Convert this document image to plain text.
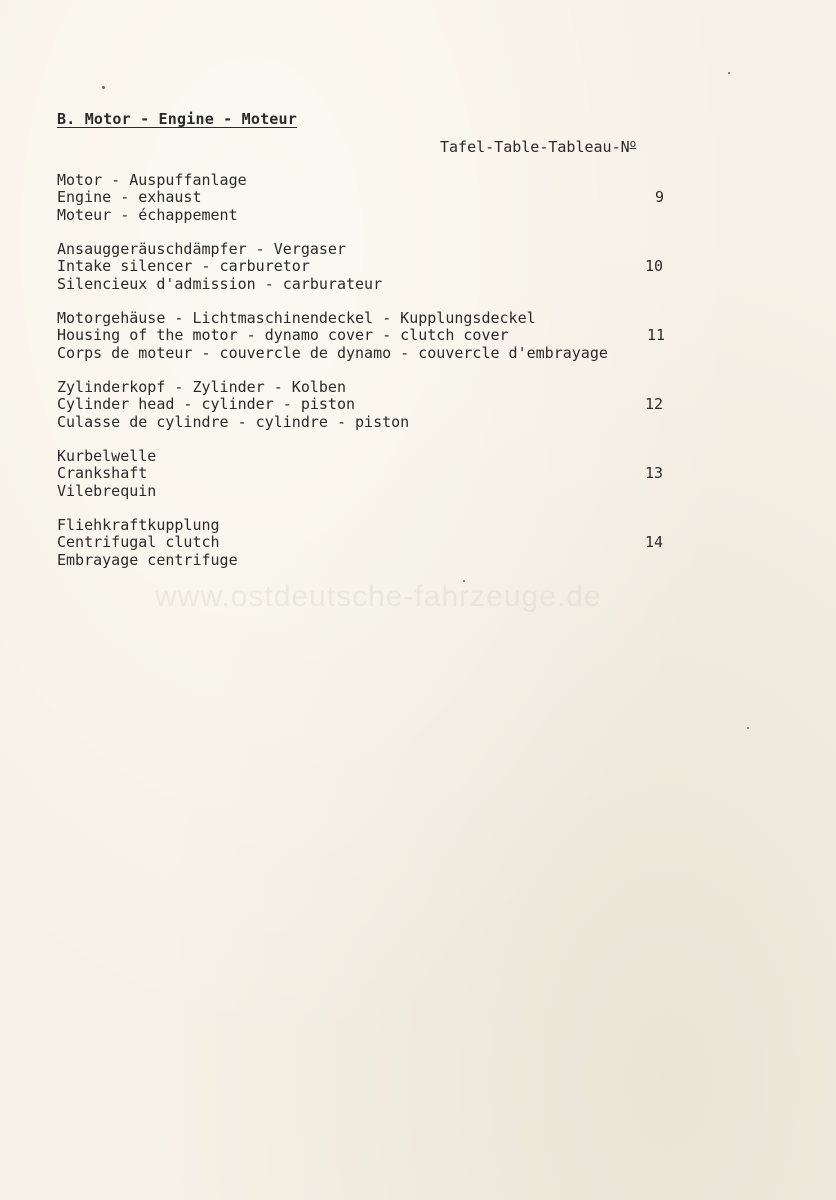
B. Motor - Engine - Moteur
Tafel-$Table-Tableau-N^o$
Motor - Auspuffanlage
Engine - exhaust
Moteur - échappement
9
Ansauggeräuschdämpfer - Vergaser
Intake silencer - carburetor
Silencieux d'admission - carburateur
10
Motorgehäuse - Lichtmaschinendeckel - Kupplungsdeckel
Housing of the motor - dynamo cover - clutch cover
Corps de moteur - couvercle de dynamo - couvercle d'embrayage
11
Zylinderkopf - Zylinder - Kolben
Cylinder head - cylinder - piston
Culasse de cylindre - cylindre - piston
12
Kurbelwelle
Crankshaft
Vilebrequin
13
Fliehkraftkupplung
Centrifugal clutch
Embrayage centrifuge
14
www.ostdeutsche-fahrzeuge.de
